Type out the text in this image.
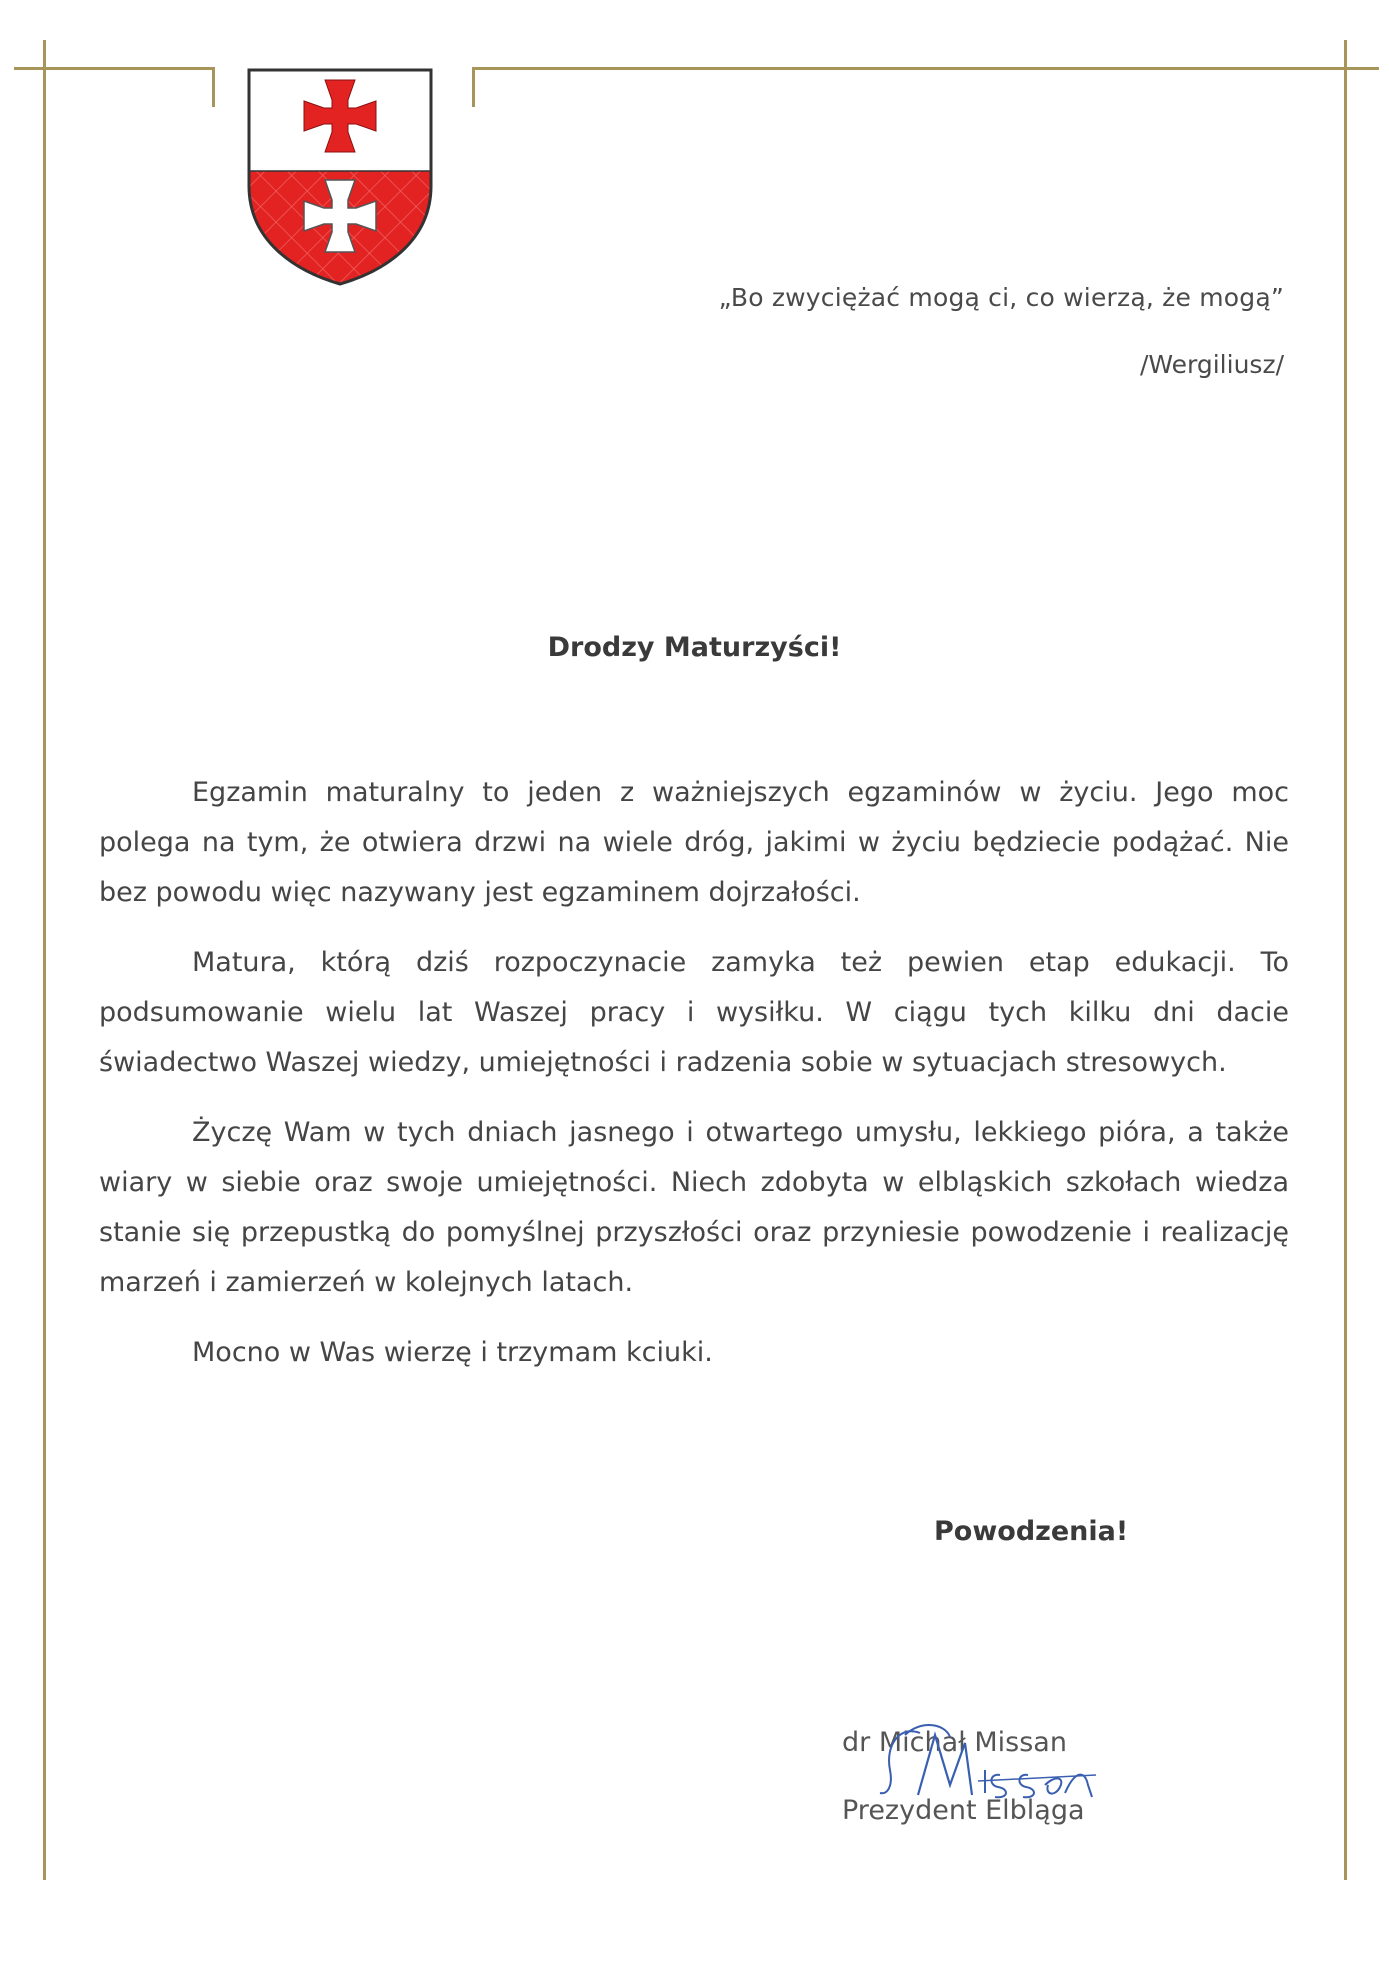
„Bo zwyciężać mogą ci, co wierzą, że mogą”
/Wergiliusz/
Drodzy Maturzyści!

Egzamin maturalny to jeden z ważniejszych egzaminów w życiu. Jego moc polega na tym, że otwiera drzwi na wiele dróg, jakimi w życiu będziecie podążać. Nie bez powodu więc nazywany jest egzaminem dojrzałości.

Matura, którą dziś rozpoczynacie zamyka też pewien etap edukacji. To podsumowanie wielu lat Waszej pracy i wysiłku. W ciągu tych kilku dni dacie świadectwo Waszej wiedzy, umiejętności i radzenia sobie w sytuacjach stresowych.

Życzę Wam w tych dniach jasnego i otwartego umysłu, lekkiego pióra, a także wiary w siebie oraz swoje umiejętności. Niech zdobyta w elbląskich szkołach wiedza stanie się przepustką do pomyślnej przyszłości oraz przyniesie powodzenie i realizację marzeń i zamierzeń w kolejnych latach.

Mocno w Was wierzę i trzymam kciuki.

Powodzenia!
dr Michał Missan
Prezydent Elbląga
